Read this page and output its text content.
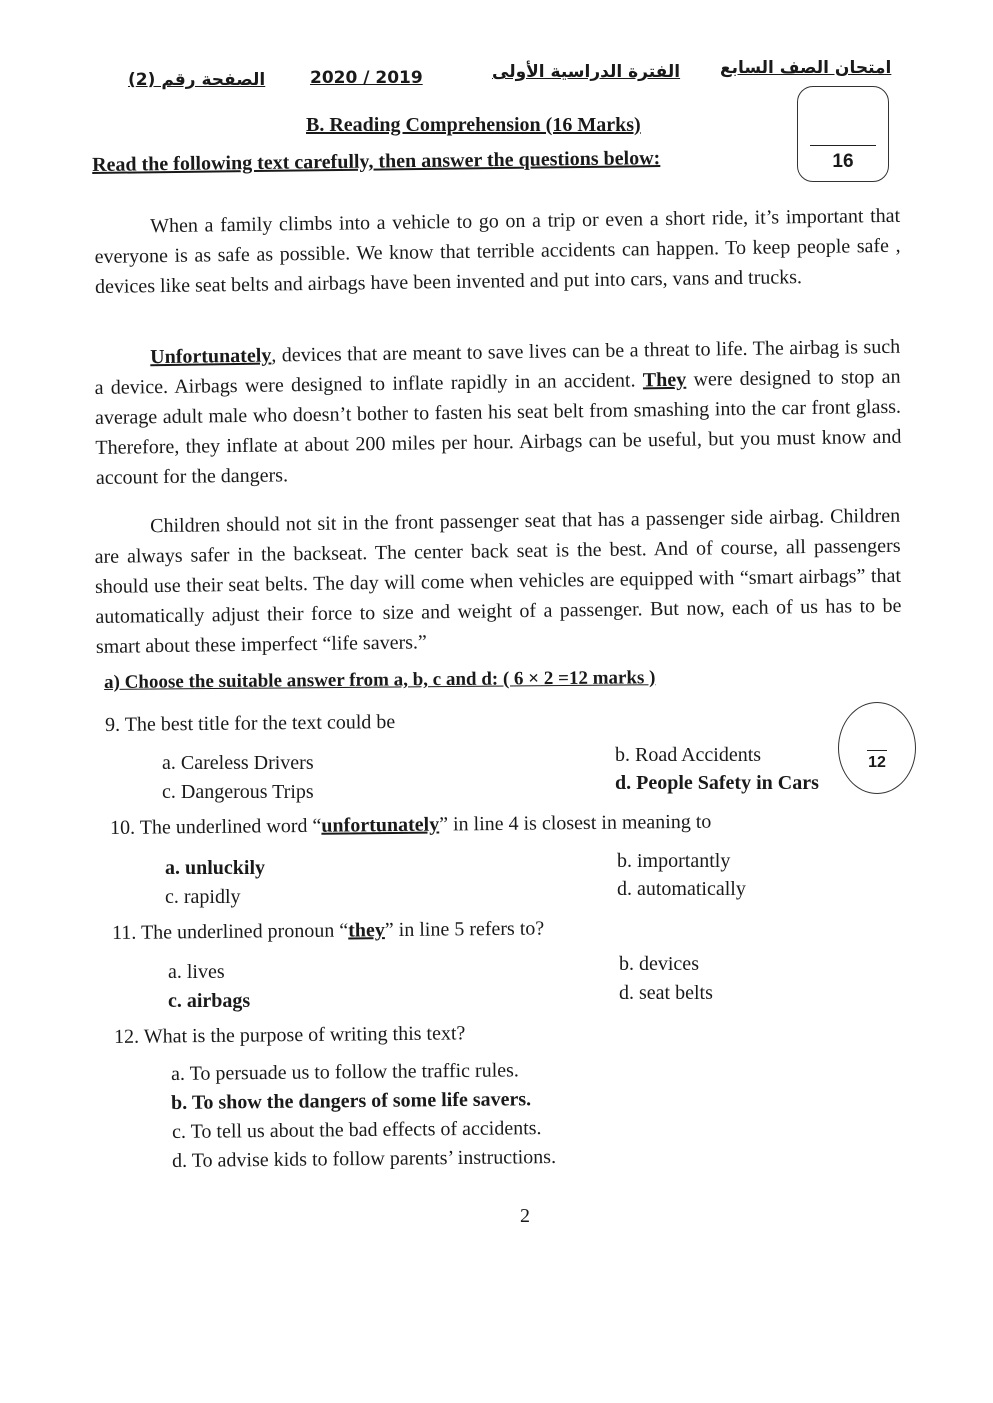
الصفحة رقم (2)	2020 / 2019	الفترة الدراسية الأولى امتحان الصف السابع
16
B. Reading Comprehension (16 Marks)
Read the following text carefully, then answer the questions below:

When a family climbs into a vehicle to go on a trip or even a short ride, it’s important that everyone is as safe as possible. We know that terrible accidents can happen. To keep people safe , devices like seat belts and airbags have been invented and put into cars, vans and trucks.

Unfortunately, devices that are meant to save lives can be a threat to life. The airbag is such a device. Airbags were designed to inflate rapidly in an accident. They were designed to stop an average adult male who doesn’t bother to fasten his seat belt from smashing into the car front glass. Therefore, they inflate at about 200 miles per hour. Airbags can be useful, but you must know and account for the dangers.

Children should not sit in the front passenger seat that has a passenger side airbag. Children are always safer in the backseat. The center back seat is the best. And of course, all passengers should use their seat belts. The day will come when vehicles are equipped with “smart airbags” that automatically adjust their force to size and weight of a passenger. But now, each of us has to be smart about these imperfect “life savers.”

a) Choose the suitable answer from a, b, c and d: ( 6 × 2 =12 marks )
12
9. The best title for the text could be
a. Careless Drivers	b. Road Accidents
c. Dangerous Trips	d. People Safety in Cars
10. The underlined word “unfortunately” in line 4 is closest in meaning to
a. unluckily	b. importantly
c. rapidly	d. automatically
11. The underlined pronoun “they” in line 5 refers to?
a. lives	b. devices
c. airbags	d. seat belts
12. What is the purpose of writing this text?
a. To persuade us to follow the traffic rules.
b. To show the dangers of some life savers.
c. To tell us about the bad effects of accidents.
d. To advise kids to follow parents’ instructions.
2
